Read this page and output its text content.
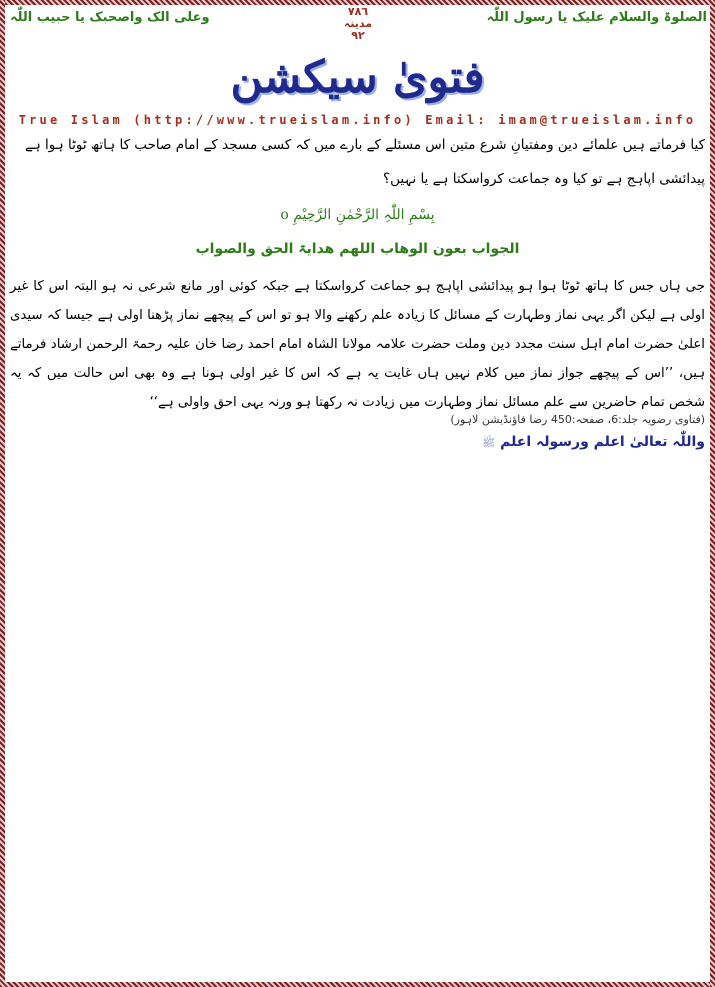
الصلوۃ والسلام علیک یا رسول اللّٰہ
وعلی الک واصحبک یا حبیب اللّٰہ	۷۸٦
مدینہ
۹۲
فتویٰ سیکشن
True Islam (http://www.trueislam.info) Email: imam@trueislam.info
کیا فرماتے ہیں علمائے دین ومفتیانِ شرع متین اس مسئلے کے بارے میں کہ کسی مسجد کے امام صاحب کا ہاتھ ٹوٹا ہوا ہے پیدائشی اپاہج ہے تو کیا وہ جماعت کرواسکتا ہے یا نہیں؟
بِسْمِ اللّٰہِ الرَّحْمٰنِ الرَّحِیْمِ o
الجواب بعون الوھاب اللھم ھدایۃ الحق والصواب
جی ہاں جس کا ہاتھ ٹوٹا ہوا ہو پیدائشی اپاہج ہو جماعت کرواسکتا ہے جبکہ کوئی اور مانع شرعی نہ ہو البتہ اس کا غیر اولی ہے لیکن اگر یہی نماز وطہارت کے مسائل کا زیادہ علم رکھنے والا ہو تو اس کے پیچھے نماز پڑھنا اولی ہے جیسا کہ سیدی اعلیٰ حضرت امام اہل سنت مجدد دین وملت حضرت علامہ مولانا الشاہ امام احمد رضا خان علیہ رحمۃ الرحمن ارشاد فرماتے ہیں، ’’اس کے پیچھے جواز نماز میں کلام نہیں ہاں غایت یہ ہے کہ اس کا غیر اولی ہونا ہے وہ بھی اس حالت میں کہ یہ شخص تمام حاضرین سے علم مسائل نماز وطہارت میں زیادت نہ رکھتا ہو ورنہ یہی احق واولی ہے‘‘
(فتاوی رضویہ جلد:6، صفحہ:450 رضا فاؤنڈیشن لاہور)
واللّٰہ تعالیٰ اعلم ورسولہ اعلم ﷺ
